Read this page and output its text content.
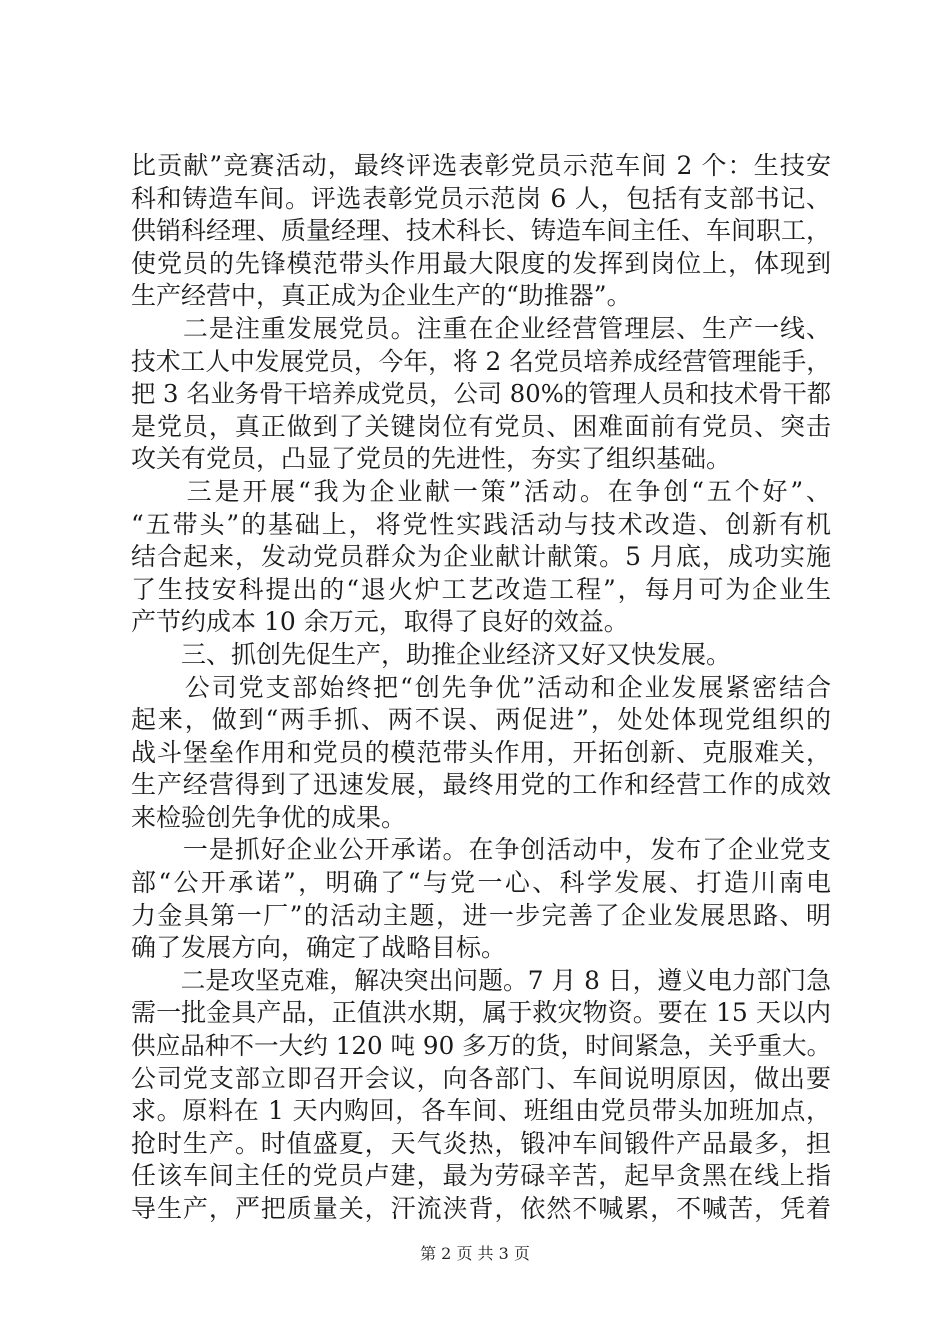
比贡献”竞赛活动，最终评选表彰党员示范车间 2 个：生技安
科和铸造车间。评选表彰党员示范岗 6 人，包括有支部书记、
供销科经理、质量经理、技术科长、铸造车间主任、车间职工，
使党员的先锋模范带头作用最大限度的发挥到岗位上，体现到
生产经营中，真正成为企业生产的“助推器”。
　　二是注重发展党员。注重在企业经营管理层、生产一线、
技术工人中发展党员，今年，将 2 名党员培养成经营管理能手，
把 3 名业务骨干培养成党员，公司 80%的管理人员和技术骨干都
是党员，真正做到了关键岗位有党员、困难面前有党员、突击
攻关有党员，凸显了党员的先进性，夯实了组织基础。
　　三是开展“我为企业献一策”活动。在争创“五个好”、
“五带头”的基础上，将党性实践活动与技术改造、创新有机
结合起来，发动党员群众为企业献计献策。5 月底，成功实施
了生技安科提出的“退火炉工艺改造工程”，每月可为企业生
产节约成本 10 余万元，取得了良好的效益。
　　三、抓创先促生产，助推企业经济又好又快发展。
　　公司党支部始终把“创先争优”活动和企业发展紧密结合
起来，做到“两手抓、两不误、两促进”，处处体现党组织的
战斗堡垒作用和党员的模范带头作用，开拓创新、克服难关，
生产经营得到了迅速发展，最终用党的工作和经营工作的成效
来检验创先争优的成果。
　　一是抓好企业公开承诺。在争创活动中，发布了企业党支
部“公开承诺”，明确了“与党一心、科学发展、打造川南电
力金具第一厂”的活动主题，进一步完善了企业发展思路、明
确了发展方向，确定了战略目标。
　　二是攻坚克难，解决突出问题。7 月 8 日，遵义电力部门急
需一批金具产品，正值洪水期，属于救灾物资。要在 15 天以内
供应品种不一大约 120 吨 90 多万的货，时间紧急，关乎重大。
公司党支部立即召开会议，向各部门、车间说明原因，做出要
求。原料在 1 天内购回，各车间、班组由党员带头加班加点，
抢时生产。时值盛夏，天气炎热，锻冲车间锻件产品最多，担
任该车间主任的党员卢建，最为劳碌辛苦，起早贪黑在线上指
导生产，严把质量关，汗流浃背，依然不喊累，不喊苦，凭着
第 2 页 共 3 页
